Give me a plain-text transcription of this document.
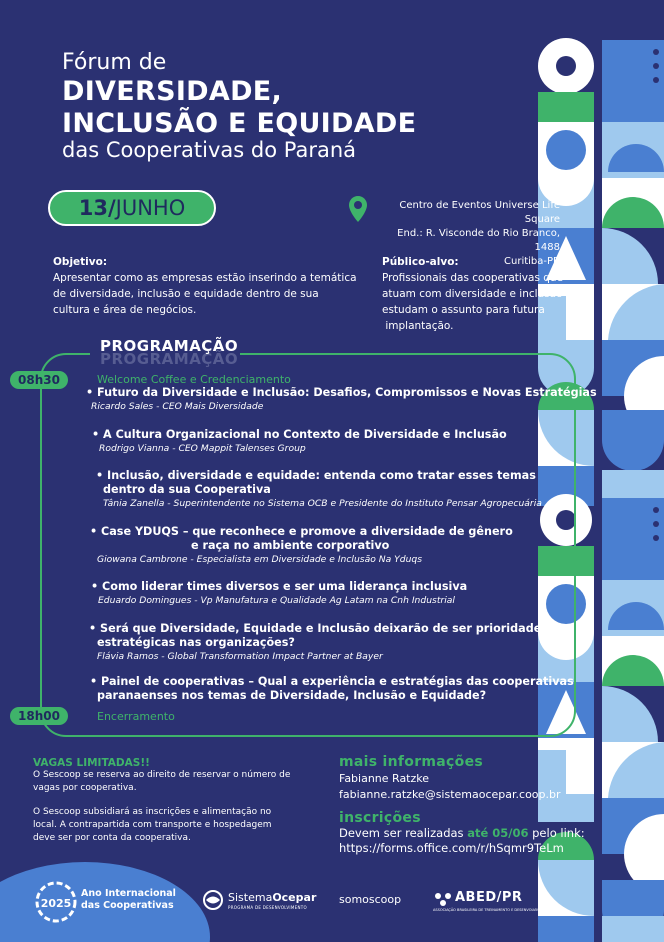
Fórum de
DIVERSIDADE,
INCLUSÃO E EQUIDADE
das Cooperativas do Paraná
13/ JUNHO	Centro de Eventos Universe Life Square
End.: R. Visconde do Rio Branco, 1488
Curitiba-PR
Objetivo:
Apresentar como as empresas estão inserindo a temática de diversidade, inclusão e equidade dentro de sua cultura e área de negócios.
Público-alvo:
Profissionais das cooperativas que
atuam com diversidade e inclusão ou
estudam o assunto para futura
implantação.
PROGRAMAÇÃO
PROGRAMAÇÃO
08h30	Welcome Coffee e Credenciamento
• Futuro da Diversidade e Inclusão: Desafios, Compromissos e Novas Estratégias
Ricardo Sales - CEO Mais Diversidade
• A Cultura Organizacional no Contexto de Diversidade e Inclusão
Rodrigo Vianna - CEO Mappit Talenses Group
• Inclusão, diversidade e equidade: entenda como tratar esses temas
dentro da sua Cooperativa
Tânia Zanella - Superintendente no Sistema OCB e Presidente do Instituto Pensar Agropecuária
• Case YDUQS – que reconhece e promove a diversidade de gênero
e raça no ambiente corporativo
Giowana Cambrone - Especialista em Diversidade e Inclusão Na Yduqs
• Como liderar times diversos e ser uma liderança inclusiva
Eduardo Domingues - Vp Manufatura e Qualidade Ag Latam na Cnh Industrial
• Será que Diversidade, Equidade e Inclusão deixarão de ser prioridades
estratégicas nas organizações?
Flávia Ramos - Global Transformation Impact Partner at Bayer
• Painel de cooperativas – Qual a experiência e estratégias das cooperativas
paranaenses nos temas de Diversidade, Inclusão e Equidade?
18h00	Encerramento
VAGAS LIMITADAS!!
O Sescoop se reserva ao direito de reservar o número de vagas por cooperativa.
O Sescoop subsidiará as inscrições e alimentação no local. A contrapartida com transporte e hospedagem deve ser por conta da cooperativa.
mais informações
Fabianne Ratzke
fabianne.ratzke@sistemaocepar.coop.br
inscrições
Devem ser realizadas até 05/06 pelo link:
https://forms.office.com/r/hSqmr9TeLm
2025
Ano Internacional
das Cooperativas
SistemaOcepar
PROGRAMA DE DESENVOLVIMENTO
somoscoop	ABED/PR
ASSOCIAÇÃO BRASILEIRA DE TREINAMENTO E DESENVOLVIMENTO
